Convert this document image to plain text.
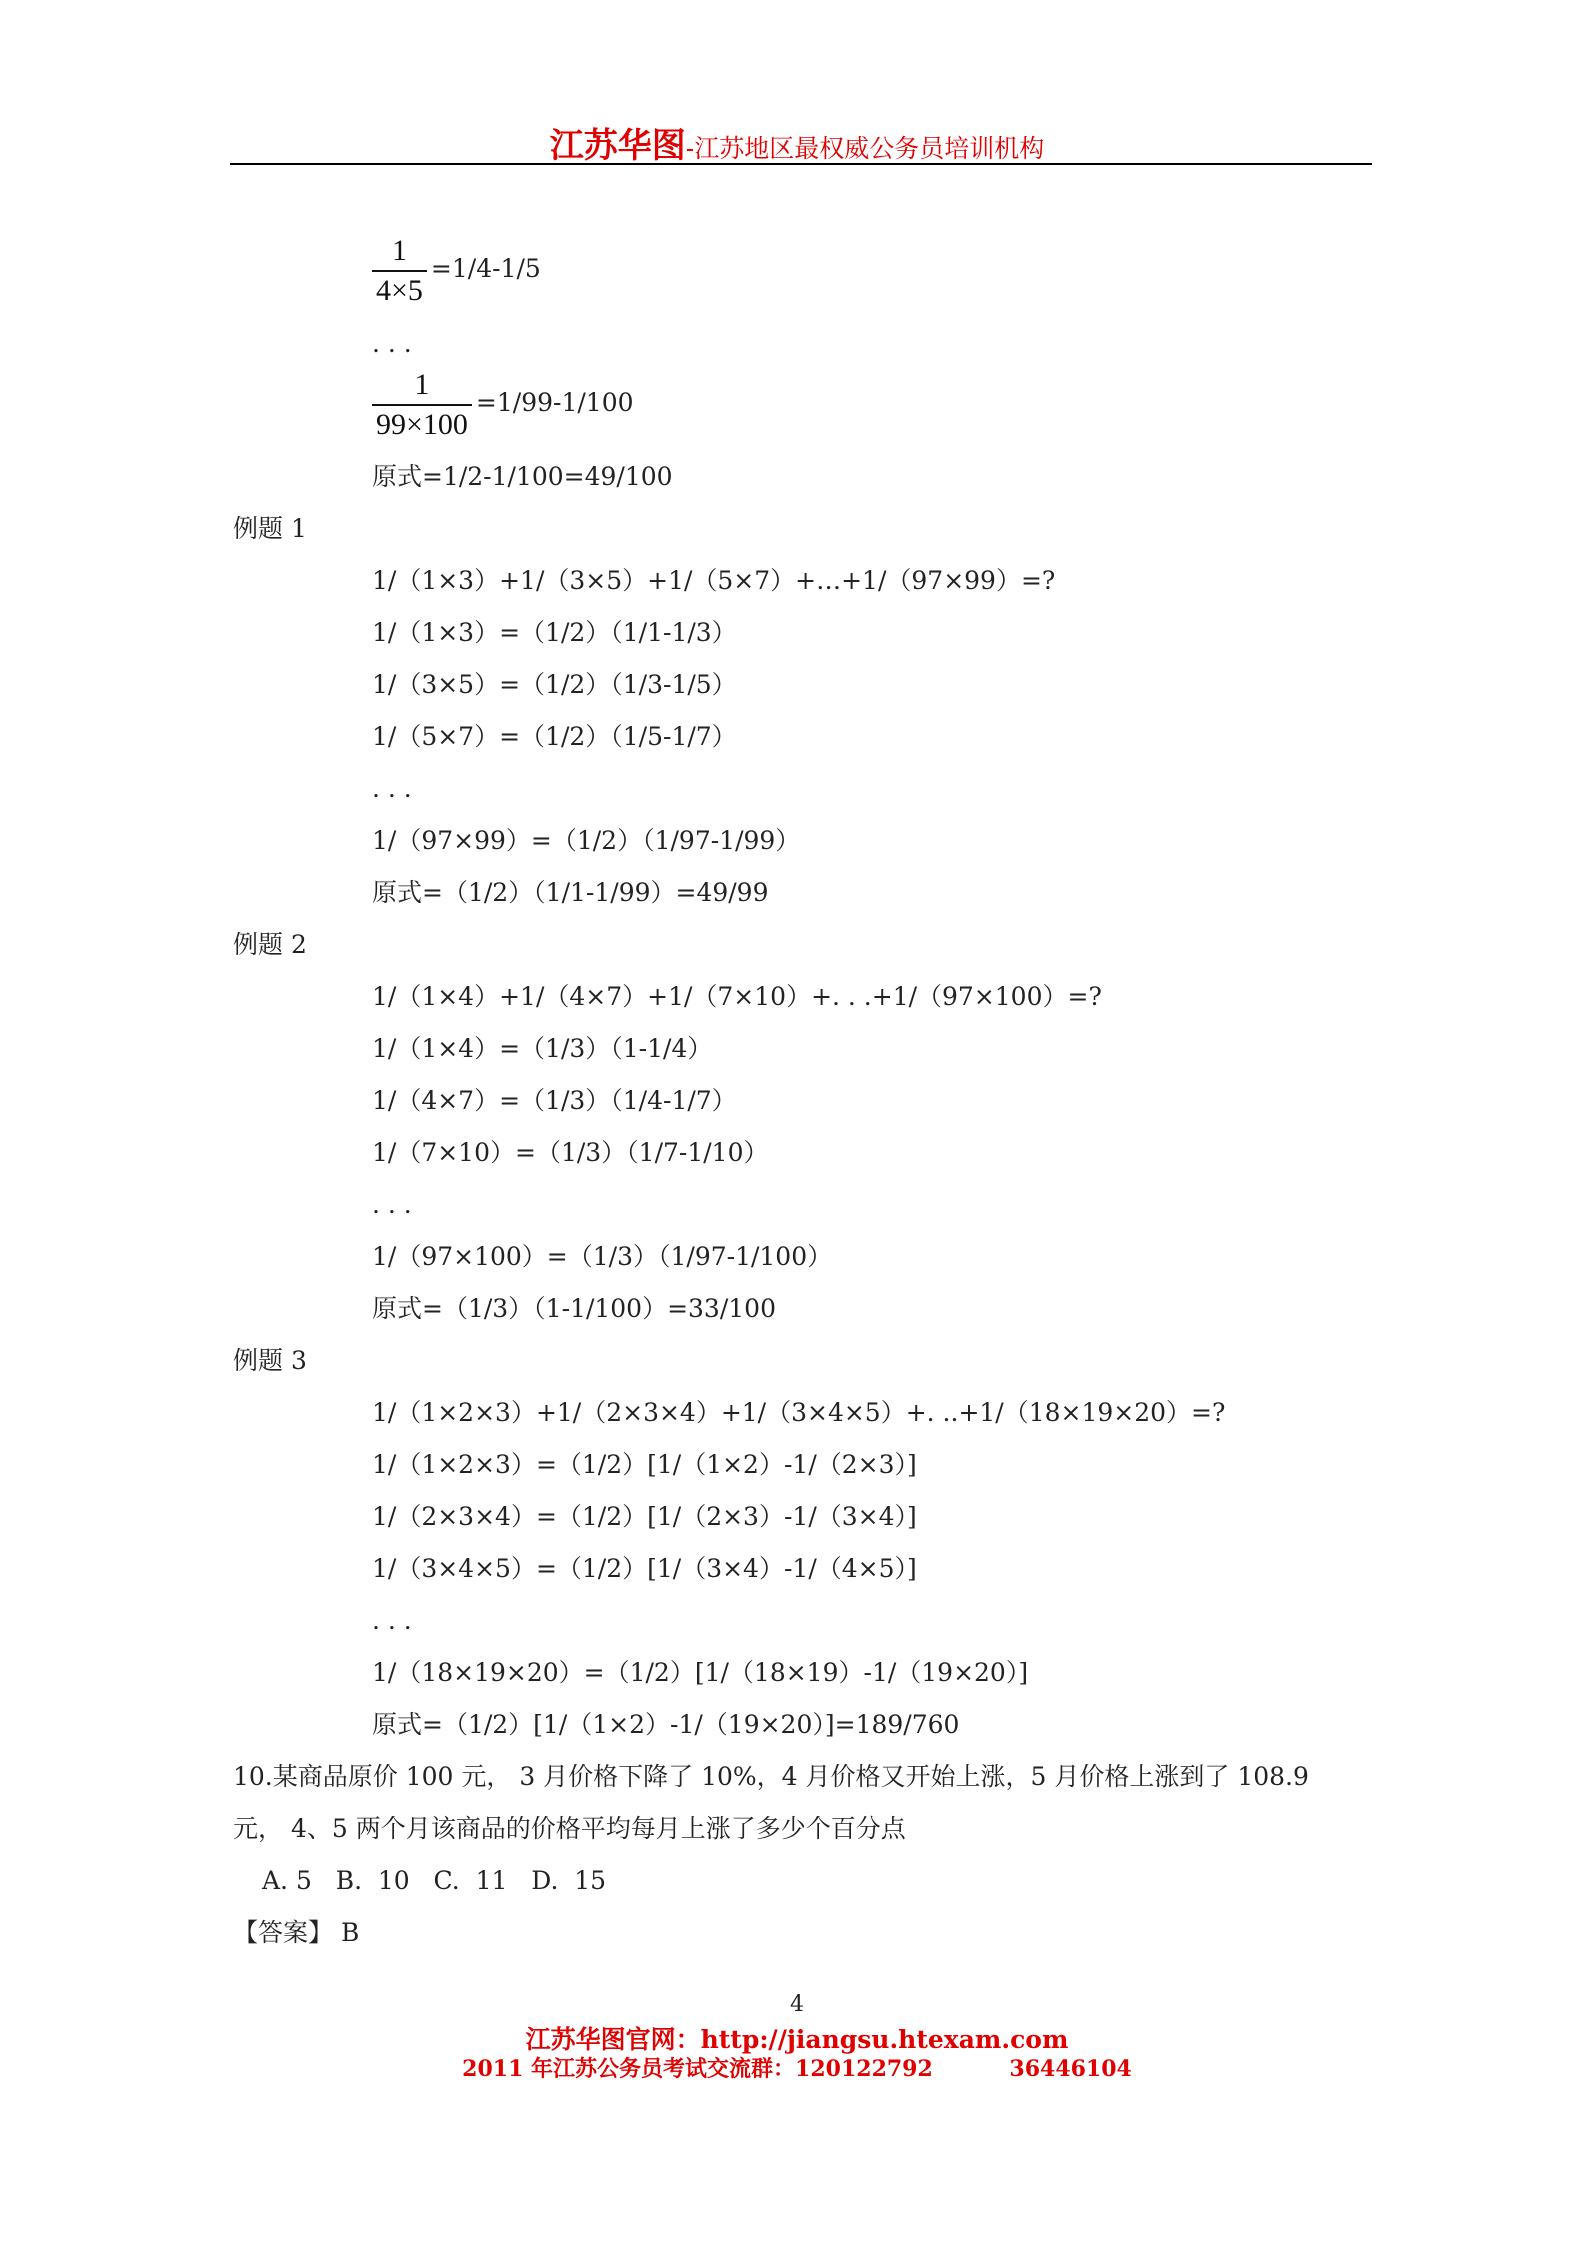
江苏华图-江苏地区最权威公务员培训机构
$\frac{1}{4\times 5} =1/4-1/5$
$\frac{1}{99\times 100} =1/99-1/100$
. . .
原式=1/2-1/100=49/100
例题 1
1/（1×3）+1/（3×5）+1/（5×7）+…+1/（97×99）=?
1/（1×3）=（1/2）（1/1-1/3）
1/（3×5）=（1/2）（1/3-1/5）
1/（5×7）=（1/2）（1/5-1/7）
. . .
1/（97×99）=（1/2）（1/97-1/99）
原式=（1/2）（1/1-1/99）=49/99
例题 2
1/（1×4）+1/（4×7）+1/（7×10）+. . .+1/（97×100）=?
1/（1×4）=（1/3）（1-1/4）
1/（4×7）=（1/3）（1/4-1/7）
1/（7×10）=（1/3）（1/7-1/10）
. . .
1/（97×100）=（1/3）（1/97-1/100）
原式=（1/3）（1-1/100）=33/100
例题 3
1/（1×2×3）+1/（2×3×4）+1/（3×4×5）+. ..+1/（18×19×20）=?
1/（1×2×3）=（1/2）[1/（1×2）-1/（2×3）]
1/（2×3×4）=（1/2）[1/（2×3）-1/（3×4）]
1/（3×4×5）=（1/2）[1/（3×4）-1/（4×5）]
. . .
1/（18×19×20）=（1/2）[1/（18×19）-1/（19×20）]
原式=（1/2）[1/（1×2）-1/（19×20）]=189/760
10.某商品原价 100 元， 3 月价格下降了 10%，4 月价格又开始上涨，5 月价格上涨到了 108.9
元， 4、5 两个月该商品的价格平均每月上涨了多少个百分点
A. 5   B.  10   C.  11   D.  15
【答案】 B
4
江苏华图官网：http://jiangsu.htexam.com
2011 年江苏公务员考试交流群：120122792          36446104
